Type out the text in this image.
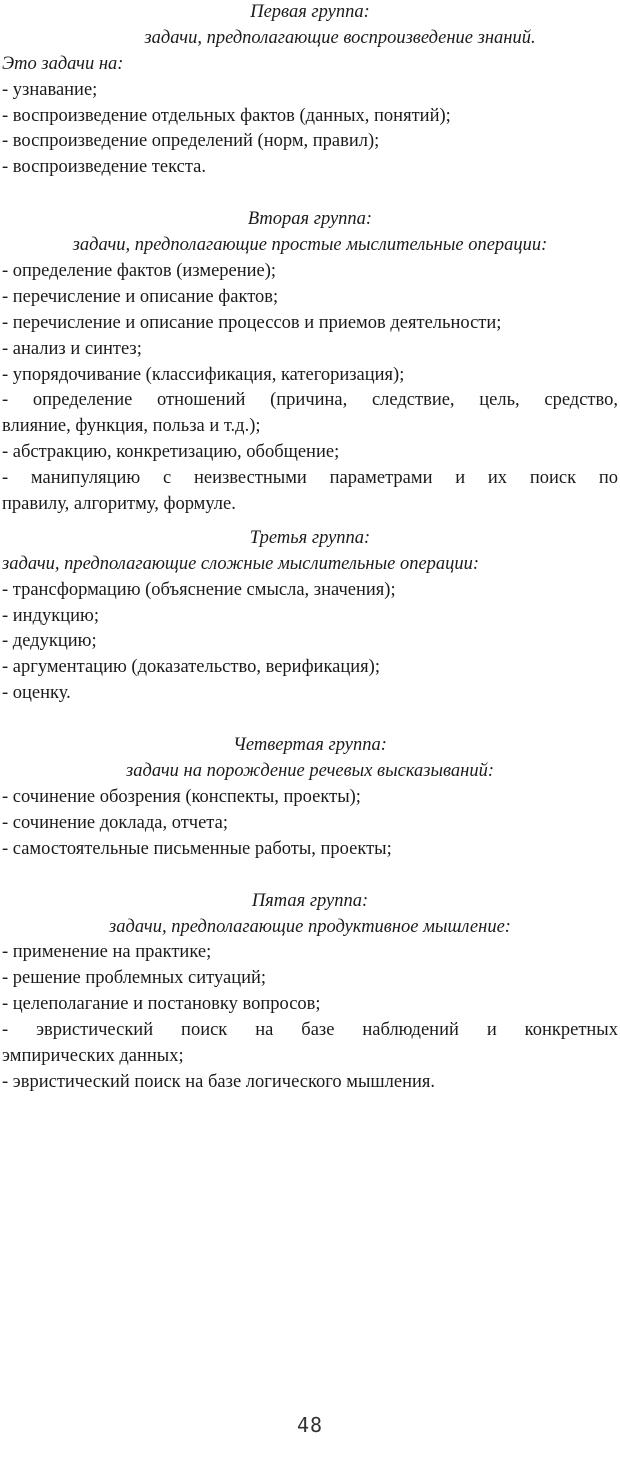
Первая группа:
задачи, предполагающие воспроизведение знаний.
Это задачи на:
- узнавание;
- воспроизведение отдельных фактов (данных, понятий);
- воспроизведение определений (норм, правил);
- воспроизведение текста.
Вторая группа:
задачи, предполагающие простые мыслительные операции:
- определение фактов (измерение);
- перечисление и описание фактов;
- перечисление и описание процессов и приемов деятельности;
- анализ и синтез;
- упорядочивание (классификация, категоризация);
- определение отношений (причина, следствие, цель, средство,
влияние, функция, польза и т.д.);
- абстракцию, конкретизацию, обобщение;
- манипуляцию с неизвестными параметрами и их поиск по
правилу, алгоритму, формуле.
Третья группа:
задачи, предполагающие сложные мыслительные операции:
- трансформацию (объяснение смысла, значения);
- индукцию;
- дедукцию;
- аргументацию (доказательство, верификация);
- оценку.
Четвертая группа:
задачи на порождение речевых высказываний:
- сочинение обозрения (конспекты, проекты);
- сочинение доклада, отчета;
- самостоятельные письменные работы, проекты;
Пятая группа:
задачи, предполагающие продуктивное мышление:
- применение на практике;
- решение проблемных ситуаций;
- целеполагание и постановку вопросов;
- эвристический поиск на базе наблюдений и конкретных
эмпирических данных;
- эвристический поиск на базе логического мышления.
48
